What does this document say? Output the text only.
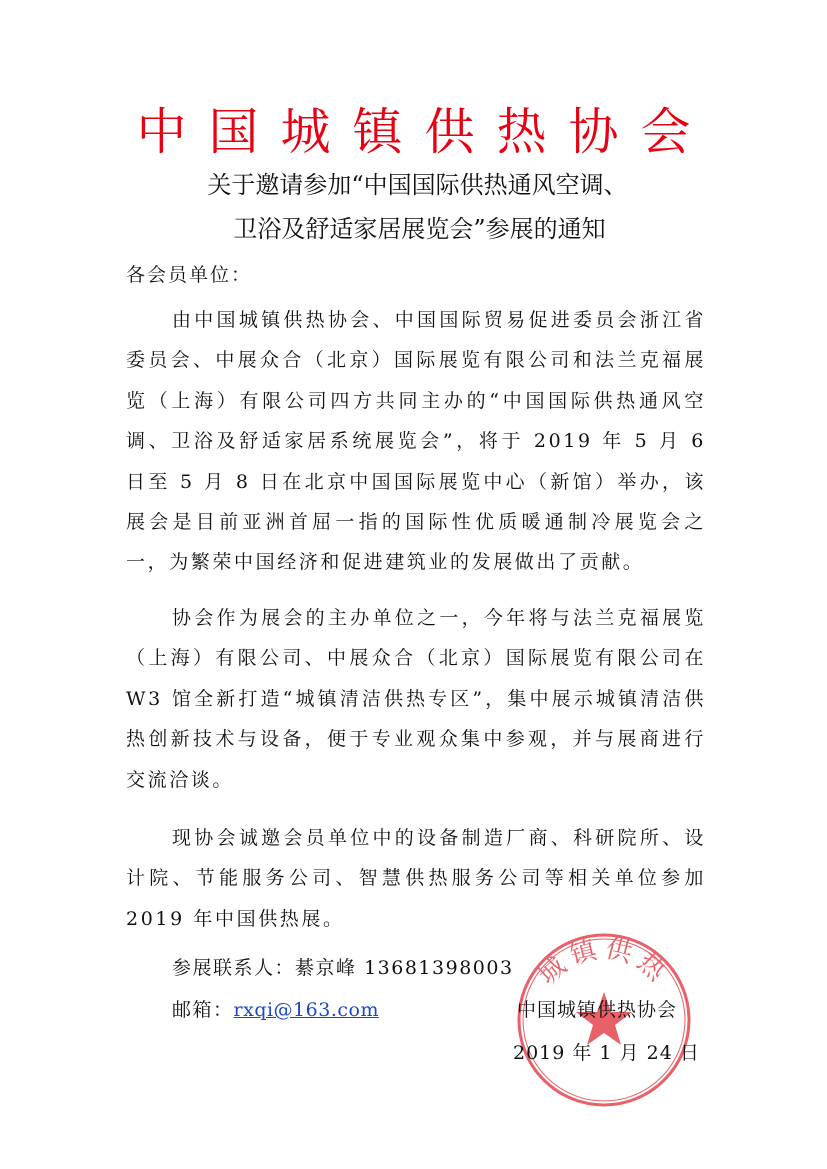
中国城镇供热协会
关于邀请参加“中国国际供热通风空调、
卫浴及舒适家居展览会”参展的通知
各会员单位：

由中国城镇供热协会、中国国际贸易促进委员会浙江省委员会、中展众合（北京）国际展览有限公司和法兰克福展览（上海）有限公司四方共同主办的“中国国际供热通风空调、卫浴及舒适家居系统展览会”，将于 2019 年 5 月 6 日至 5 月 8 日在北京中国国际展览中心（新馆）举办，该展会是目前亚洲首屈一指的国际性优质暖通制冷展览会之一，为繁荣中国经济和促进建筑业的发展做出了贡献。

协会作为展会的主办单位之一，今年将与法兰克福展览（上海）有限公司、中展众合（北京）国际展览有限公司在 W3 馆全新打造“城镇清洁供热专区”，集中展示城镇清洁供热创新技术与设备，便于专业观众集中参观，并与展商进行交流洽谈。

现协会诚邀会员单位中的设备制造厂商、科研院所、设计院、节能服务公司、智慧供热服务公司等相关单位参加 2019 年中国供热展。

参展联系人：綦京峰 13681398003
邮箱：rxqi@163.com
城镇供热
中国城镇供热协会
2019 年 1 月 24 日
